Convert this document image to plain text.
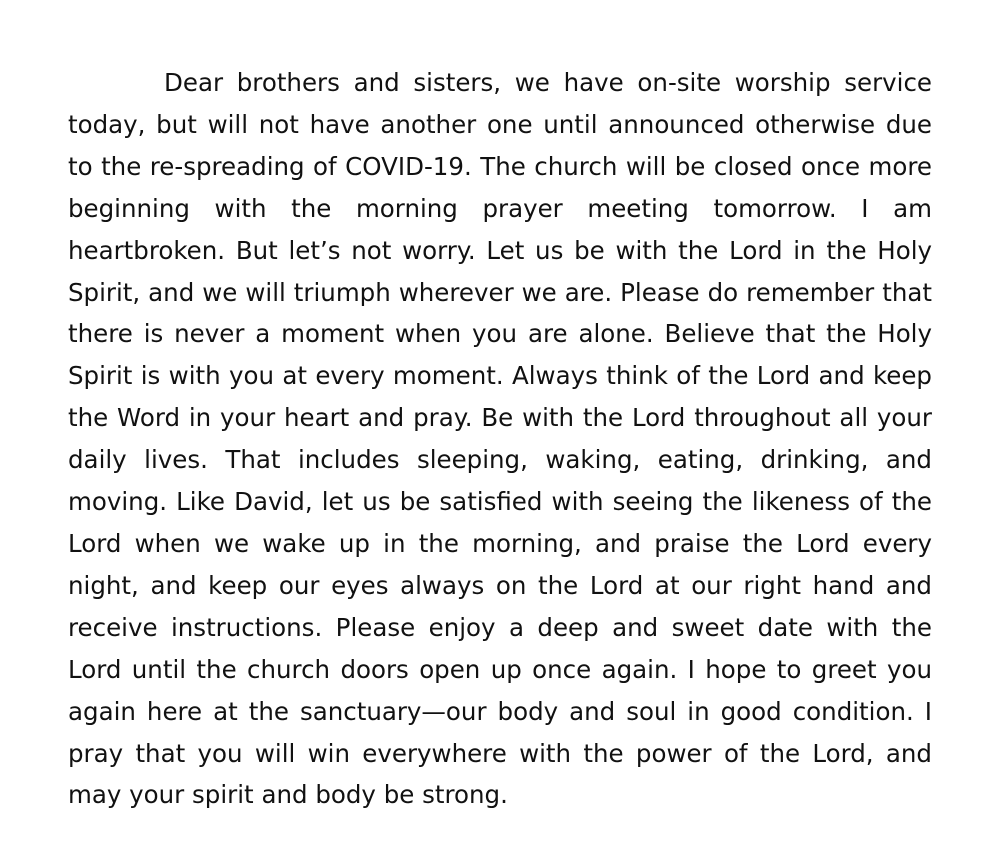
Dear brothers and sisters, we have on-site worship service today, but will not have another one until announced otherwise due to the re-spreading of COVID-19. The church will be closed once more beginning with the morning prayer meeting tomorrow. I am heartbroken. But let’s not worry. Let us be with the Lord in the Holy Spirit, and we will triumph wherever we are. Please do remember that there is never a moment when you are alone. Believe that the Holy Spirit is with you at every moment. Always think of the Lord and keep the Word in your heart and pray. Be with the Lord throughout all your daily lives. That includes sleeping, waking, eating, drinking, and moving. Like David, let us be satisfied with seeing the likeness of the Lord when we wake up in the morning, and praise the Lord every night, and keep our eyes always on the Lord at our right hand and receive instructions. Please enjoy a deep and sweet date with the Lord until the church doors open up once again. I hope to greet you again here at the sanctuary—our body and soul in good condition. I pray that you will win everywhere with the power of the Lord, and may your spirit and body be strong.
